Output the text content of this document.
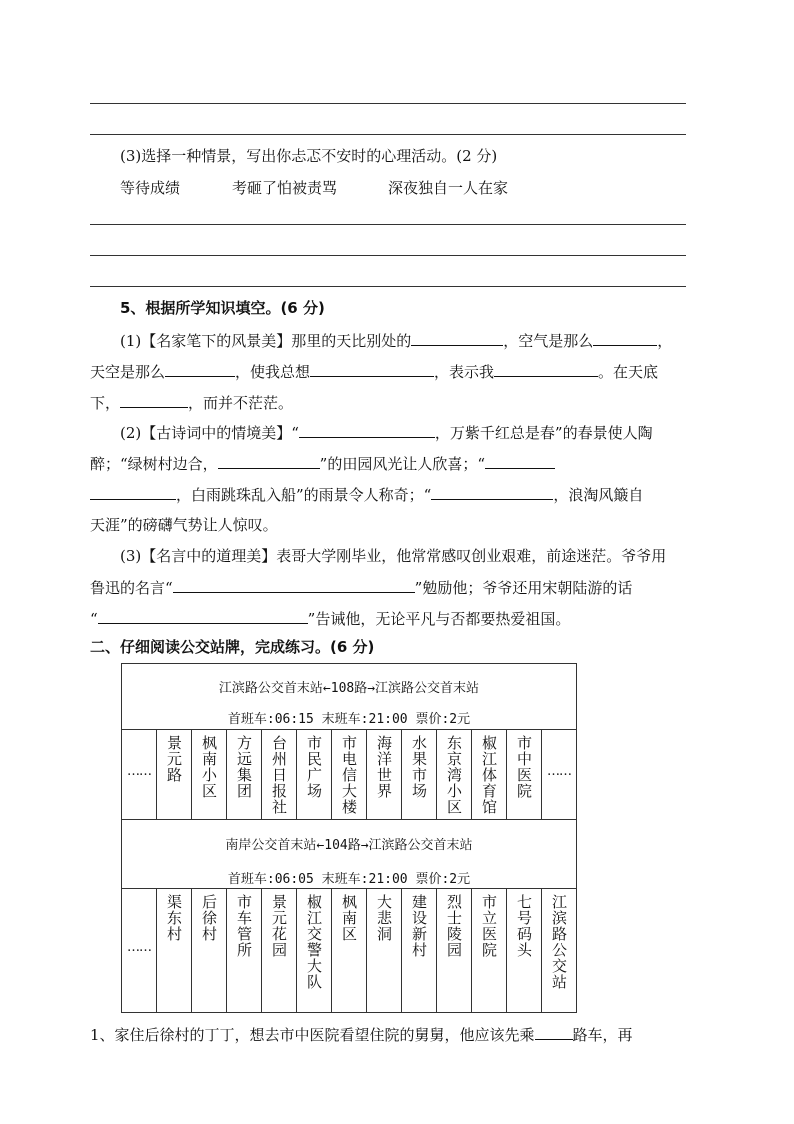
(3)选择一种情景，写出你忐忑不安时的心理活动。(2 分)
等待成绩	考砸了怕被责骂	深夜独自一人在家
5、根据所学知识填空。(6 分)
(1)【名家笔下的风景美】那里的天比别处的	，空气是那么	，
天空是那么	，使我总想	，表示我	。在天底
下，	，而并不茫茫。
(2)【古诗词中的情境美】“	，万紫千红总是春”的春景使人陶
醉；“绿树村边合，	”的田园风光让人欣喜；“
，白雨跳珠乱入船”的雨景令人称奇；“	，浪淘风簸自
天涯”的磅礴气势让人惊叹。
(3)【名言中的道理美】表哥大学刚毕业，他常常感叹创业艰难，前途迷茫。爷爷用
鲁迅的名言“	”勉励他；爷爷还用宋朝陆游的话
“	”告诫他，无论平凡与否都要热爱祖国。
二、仔细阅读公交站牌，完成练习。(6 分)
江滨路公交首末站←108路→江滨路公交首末站
首班车:06:15 末班车:21:00 票价:2元
…… 景元路 枫南小区 方远集团 台州日报社 市民广场 市电信大楼 海洋世界 水果市场 东京湾小区 椒江体育馆 市中医院 ……
南岸公交首末站←104路→江滨路公交首末站
首班车:06:05 末班车:21:00 票价:2元
……
渠东村 后徐村 市车管所 景元花园 椒江交警大队 枫南区 大悲洞 建设新村 烈士陵园 市立医院 七号码头 江滨路公交站
1、家住后徐村的丁丁，想去市中医院看望住院的舅舅，他应该先乘	路车，再
